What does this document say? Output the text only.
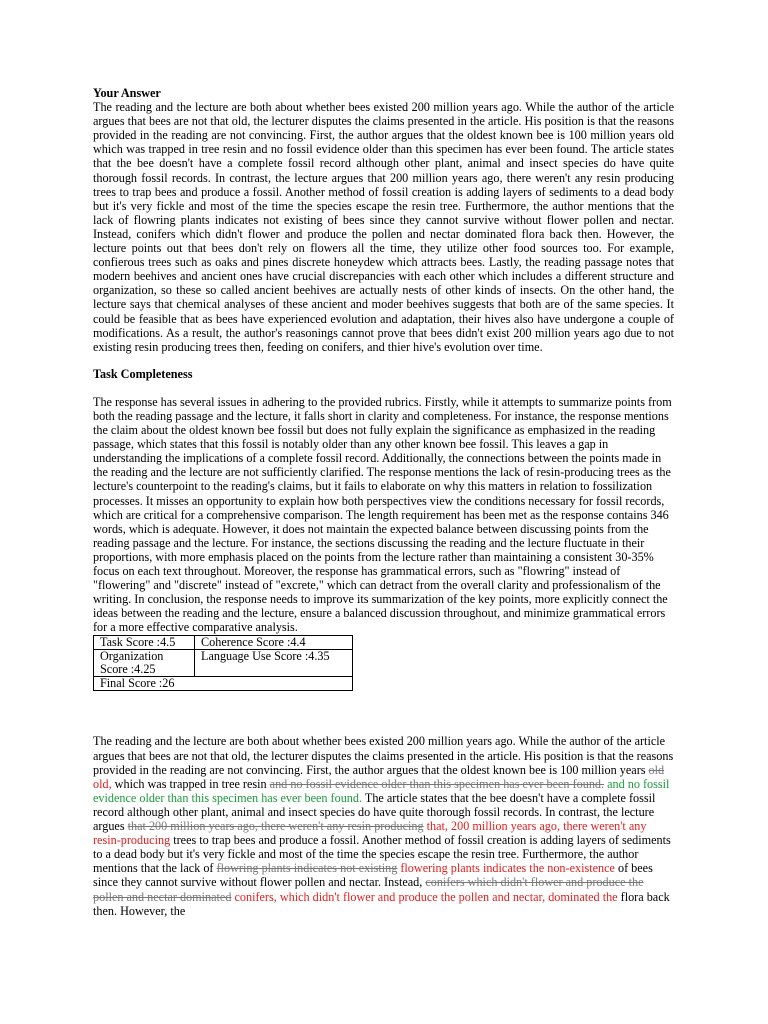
Your Answer

The reading and the lecture are both about whether bees existed 200 million years ago. While the author of the article argues that bees are not that old, the lecturer disputes the claims presented in the article. His position is that the reasons provided in the reading are not convincing. First, the author argues that the oldest known bee is 100 million years old which was trapped in tree resin and no fossil evidence older than this specimen has ever been found. The article states that the bee doesn't have a complete fossil record although other plant, animal and insect species do have quite thorough fossil records. In contrast, the lecture argues that 200 million years ago, there weren't any resin producing trees to trap bees and produce a fossil. Another method of fossil creation is adding layers of sediments to a dead body but it's very fickle and most of the time the species escape the resin tree. Furthermore, the author mentions that the lack of flowring plants indicates not existing of bees since they cannot survive without flower pollen and nectar. Instead, conifers which didn't flower and produce the pollen and nectar dominated flora back then. However, the lecture points out that bees don't rely on flowers all the time, they utilize other food sources too. For example, confierous trees such as oaks and pines discrete honeydew which attracts bees. Lastly, the reading passage notes that modern beehives and ancient ones have crucial discrepancies with each other which includes a different structure and organization, so these so called ancient beehives are actually nests of other kinds of insects. On the other hand, the lecture says that chemical analyses of these ancient and moder beehives suggests that both are of the same species. It could be feasible that as bees have experienced evolution and adaptation, their hives also have undergone a couple of modifications. As a result, the author's reasonings cannot prove that bees didn't exist 200 million years ago due to not existing resin producing trees then, feeding on conifers, and thier hive's evolution over time.

Task Completeness

The response has several issues in adhering to the provided rubrics. Firstly, while it attempts to summarize points from both the reading passage and the lecture, it falls short in clarity and completeness. For instance, the response mentions the claim about the oldest known bee fossil but does not fully explain the significance as emphasized in the reading passage, which states that this fossil is notably older than any other known bee fossil. This leaves a gap in understanding the implications of a complete fossil record. Additionally, the connections between the points made in the reading and the lecture are not sufficiently clarified. The response mentions the lack of resin-producing trees as the lecture's counterpoint to the reading's claims, but it fails to elaborate on why this matters in relation to fossilization processes. It misses an opportunity to explain how both perspectives view the conditions necessary for fossil records, which are critical for a comprehensive comparison. The length requirement has been met as the response contains 346 words, which is adequate. However, it does not maintain the expected balance between discussing points from the reading passage and the lecture. For instance, the sections discussing the reading and the lecture fluctuate in their proportions, with more emphasis placed on the points from the lecture rather than maintaining a consistent 30-35% focus on each text throughout. Moreover, the response has grammatical errors, such as "flowring" instead of "flowering" and "discrete" instead of "excrete," which can detract from the overall clarity and professionalism of the writing. In conclusion, the response needs to improve its summarization of the key points, more explicitly connect the ideas between the reading and the lecture, ensure a balanced discussion throughout, and minimize grammatical errors for a more effective comparative analysis.

Task Score :4.5	Coherence Score :4.4
Organization Score :4.25	Language Use Score :4.35
Final Score :26	

The reading and the lecture are both about whether bees existed 200 million years ago. While the author of the article argues that bees are not that old, the lecturer disputes the claims presented in the article. His position is that the reasons provided in the reading are not convincing. First, the author argues that the oldest known bee is 100 million years old old, which was trapped in tree resin and no fossil evidence older than this specimen has ever been found. and no fossil evidence older than this specimen has ever been found. The article states that the bee doesn't have a complete fossil record although other plant, animal and insect species do have quite thorough fossil records. In contrast, the lecture argues that 200 million years ago, there weren't any resin producing that, 200 million years ago, there weren't any resin-producing trees to trap bees and produce a fossil. Another method of fossil creation is adding layers of sediments to a dead body but it's very fickle and most of the time the species escape the resin tree. Furthermore, the author mentions that the lack of flowring plants indicates not existing flowering plants indicates the non-existence of bees since they cannot survive without flower pollen and nectar. Instead, conifers which didn't flower and produce the pollen and nectar dominated conifers, which didn't flower and produce the pollen and nectar, dominated the flora back then. However, the
